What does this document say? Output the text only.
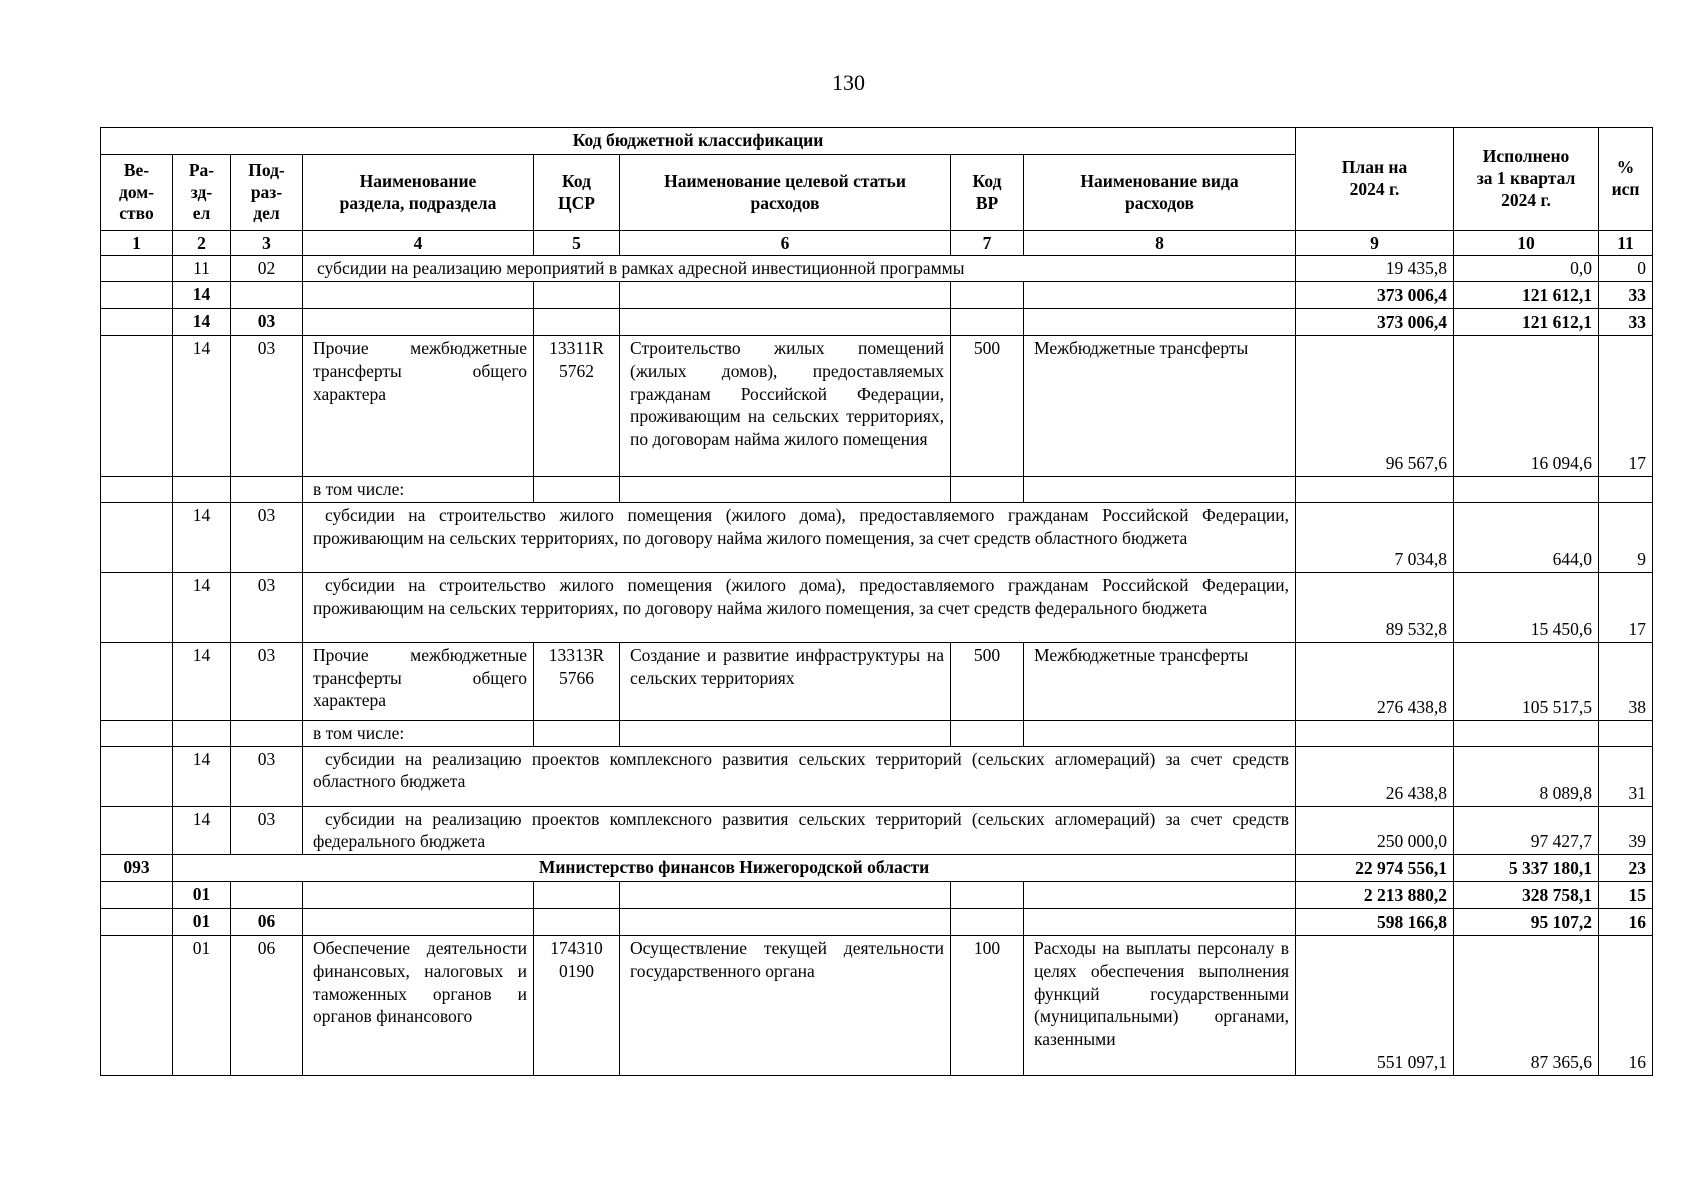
130
Код бюджетной классификации								План на 2024 г.	Исполнено за 1 квартал 2024 г.	% исп
Ве-дом-ство	Ра-зд-ел	Под-раз-дел	Наименование раздела, подраздела	Код ЦСР	Наименование целевой статьи расходов	Код ВР	Наименование вида расходов			
1	2	3	4	5	6	7	8	9	10	11
	11	02	субсидии на реализацию мероприятий в рамках адресной инвестиционной программы					19 435,8	0,0	0
	14							373 006,4	121 612,1	33
	14	03						373 006,4	121 612,1	33
	14	03	Прочие межбюджетные трансферты общего характера	13311R 5762	Строительство жилых помещений (жилых домов), предоставляемых гражданам Российской Федерации, проживающим на сельских территориях, по договорам найма жилого помещения	500	Межбюджетные трансферты	96 567,6	16 094,6	17
			в том числе:							
	14	03	субсидии на строительство жилого помещения (жилого дома), предоставляемого гражданам Российской Федерации, проживающим на сельских территориях, по договору найма жилого помещения, за счет средств областного бюджета					7 034,8	644,0	9
	14	03	субсидии на строительство жилого помещения (жилого дома), предоставляемого гражданам Российской Федерации, проживающим на сельских территориях, по договору найма жилого помещения, за счет средств федерального бюджета					89 532,8	15 450,6	17
	14	03	Прочие межбюджетные трансферты общего характера	13313R 5766	Создание и развитие инфраструктуры на сельских территориях	500	Межбюджетные трансферты	276 438,8	105 517,5	38
			в том числе:							
	14	03	субсидии на реализацию проектов комплексного развития сельских территорий (сельских агломераций) за счет средств областного бюджета					26 438,8	8 089,8	31
	14	03	субсидии на реализацию проектов комплексного развития сельских территорий (сельских агломераций) за счет средств федерального бюджета					250 000,0	97 427,7	39
093	Министерство финансов Нижегородской области							22 974 556,1	5 337 180,1	23
	01							2 213 880,2	328 758,1	15
	01	06						598 166,8	95 107,2	16
	01	06	Обеспечение деятельности финансовых, налоговых и таможенных органов и органов финансового	174310 0190	Осуществление текущей деятельности государственного органа	100	Расходы на выплаты персоналу в целях обеспечения выполнения функций государственными (муниципальными) органами, казенными	551 097,1	87 365,6	16
